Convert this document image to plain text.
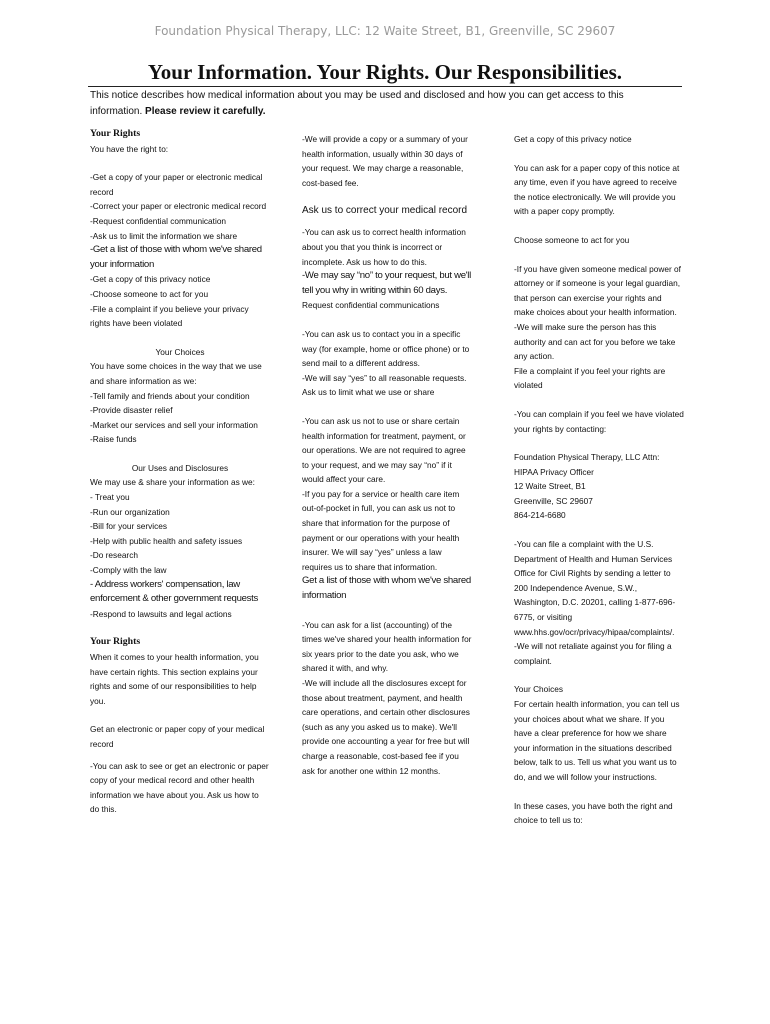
Foundation Physical Therapy, LLC: 12 Waite Street, B1, Greenville, SC 29607
Your Information. Your Rights. Our Responsibilities.

This notice describes how medical information about you may be used and disclosed and how you can get access to this information. Please review it carefully.

Your Rights

You have the right to:

-Get a copy of your paper or electronic medical record

-Correct your paper or electronic medical record

-Request confidential communication

-Ask us to limit the information we share

-Get a list of those with whom we've shared your information

-Get a copy of this privacy notice

-Choose someone to act for you

-File a complaint if you believe your privacy rights have been violated

Your Choices

You have some choices in the way that we use and share information as we:

-Tell family and friends about your condition

-Provide disaster relief

-Market our services and sell your information

-Raise funds

Our Uses and Disclosures

We may use & share your information as we:

- Treat you

-Run our organization

-Bill for your services

-Help with public health and safety issues

-Do research

-Comply with the law

- Address workers' compensation, law enforcement & other government requests

-Respond to lawsuits and legal actions

Your Rights

When it comes to your health information, you have certain rights. This section explains your rights and some of our responsibilities to help you.

Get an electronic or paper copy of your medical record

-You can ask to see or get an electronic or paper copy of your medical record and other health information we have about you. Ask us how to do this.

-We will provide a copy or a summary of your health information, usually within 30 days of your request. We may charge a reasonable, cost-based fee.

Ask us to correct your medical record

-You can ask us to correct health information about you that you think is incorrect or incomplete. Ask us how to do this.

-We may say “no” to your request, but we'll tell you why in writing within 60 days.

Request confidential communications

-You can ask us to contact you in a specific way (for example, home or office phone) or to send mail to a different address.

-We will say “yes” to all reasonable requests.

Ask us to limit what we use or share

-You can ask us not to use or share certain health information for treatment, payment, or our operations. We are not required to agree to your request, and we may say “no” if it would affect your care.

-If you pay for a service or health care item out-of-pocket in full, you can ask us not to share that information for the purpose of payment or our operations with your health insurer. We will say “yes” unless a law requires us to share that information.

Get a list of those with whom we've shared information

-You can ask for a list (accounting) of the times we've shared your health information for six years prior to the date you ask, who we shared it with, and why.

-We will include all the disclosures except for those about treatment, payment, and health care operations, and certain other disclosures (such as any you asked us to make). We'll provide one accounting a year for free but will charge a reasonable, cost-based fee if you ask for another one within 12 months.

Get a copy of this privacy notice

You can ask for a paper copy of this notice at any time, even if you have agreed to receive the notice electronically. We will provide you with a paper copy promptly.

Choose someone to act for you

-If you have given someone medical power of attorney or if someone is your legal guardian, that person can exercise your rights and make choices about your health information.

-We will make sure the person has this authority and can act for you before we take any action.

File a complaint if you feel your rights are violated

-You can complain if you feel we have violated your rights by contacting:

Foundation Physical Therapy, LLC Attn: HIPAA Privacy Officer

12 Waite Street, B1

Greenville, SC 29607

864-214-6680

-You can file a complaint with the U.S. Department of Health and Human Services Office for Civil Rights by sending a letter to 200 Independence Avenue, S.W., Washington, D.C. 20201, calling 1-877-696-6775, or visiting www.hhs.gov/ocr/privacy/hipaa/complaints/.

-We will not retaliate against you for filing a complaint.

Your Choices

For certain health information, you can tell us your choices about what we share. If you have a clear preference for how we share your information in the situations described below, talk to us. Tell us what you want us to do, and we will follow your instructions.

In these cases, you have both the right and choice to tell us to:
